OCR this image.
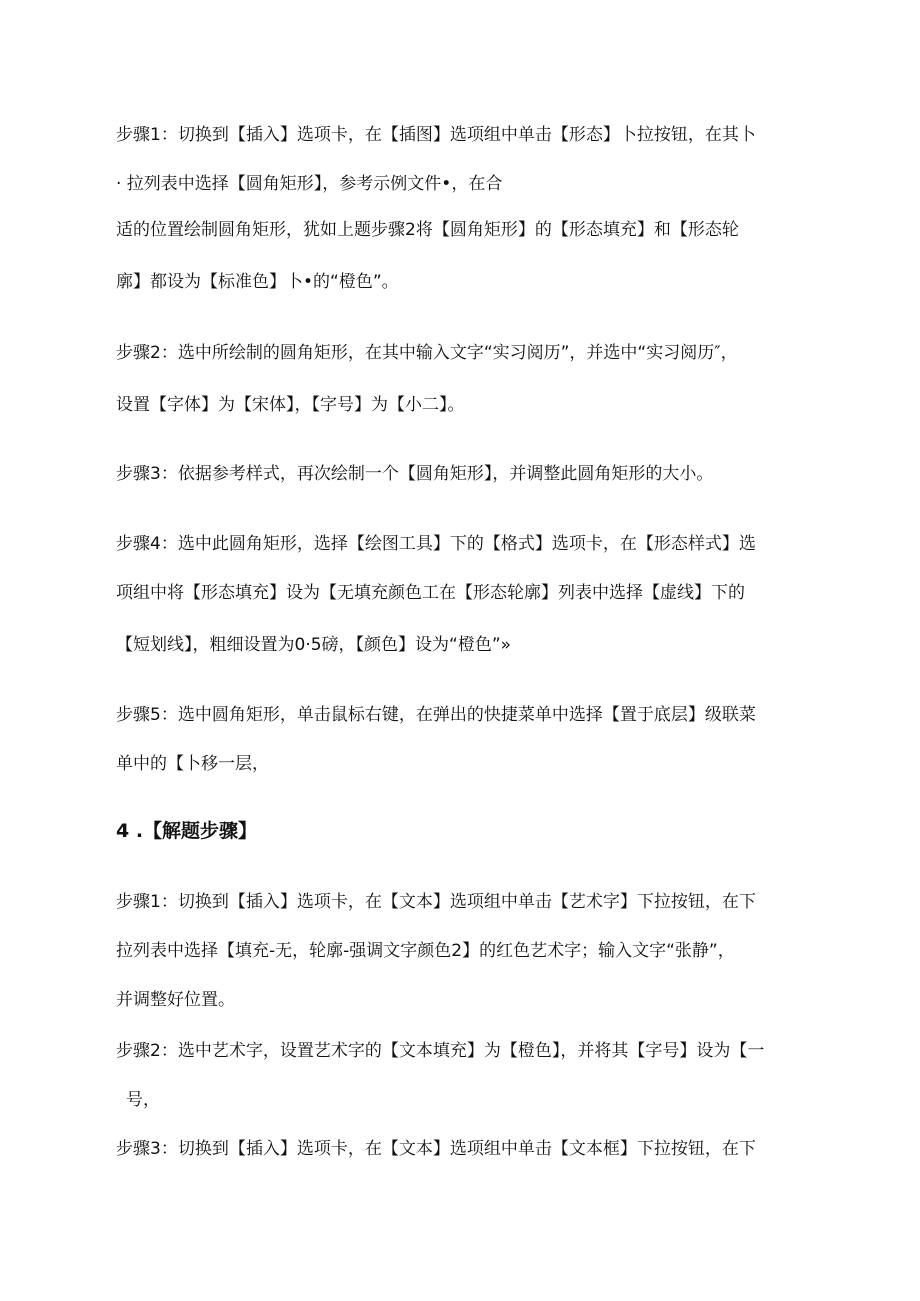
步骤1：切换到【插入】选项卡，在【插图】选项组中单击【形态】卜拉按钮，在其卜
· 拉列表中选择【圆角矩形】，参考示例文件•，在合
适的位置绘制圆角矩形，犹如上题步骤2将【圆角矩形】的【形态填充】和【形态轮
廓】都设为【标准色】卜•的“橙色”。
步骤2：选中所绘制的圆角矩形，在其中输入文字“实习阅历”，并选中“实习阅历″，
设置【字体】为【宋体】，【字号】为【小二】。
步骤3：依据参考样式，再次绘制一个【圆角矩形】，并调整此圆角矩形的大小。
步骤4：选中此圆角矩形，选择【绘图工具】下的【格式】选项卡，在【形态样式】选
项组中将【形态填充】设为【无填充颜色工在【形态轮廓】列表中选择【虚线】下的
【短划线】，粗细设置为0·5磅，【颜色】设为“橙色”»
步骤5：选中圆角矩形，单击鼠标右键，在弹出的快捷菜单中选择【置于底层】级联菜
单中的【卜移一层，
4 .【解题步骤】
步骤1：切换到【插入】选项卡，在【文本】选项组中单击【艺术字】下拉按钮，在下
拉列表中选择【填充-无，轮廓-强调文字颜色2】的红色艺术字；输入文字“张静”，
并调整好位置。
步骤2：选中艺术字，设置艺术字的【文本填充】为【橙色】，并将其【字号】设为【一
号，
步骤3：切换到【插入】选项卡，在【文本】选项组中单击【文本框】下拉按钮，在下
